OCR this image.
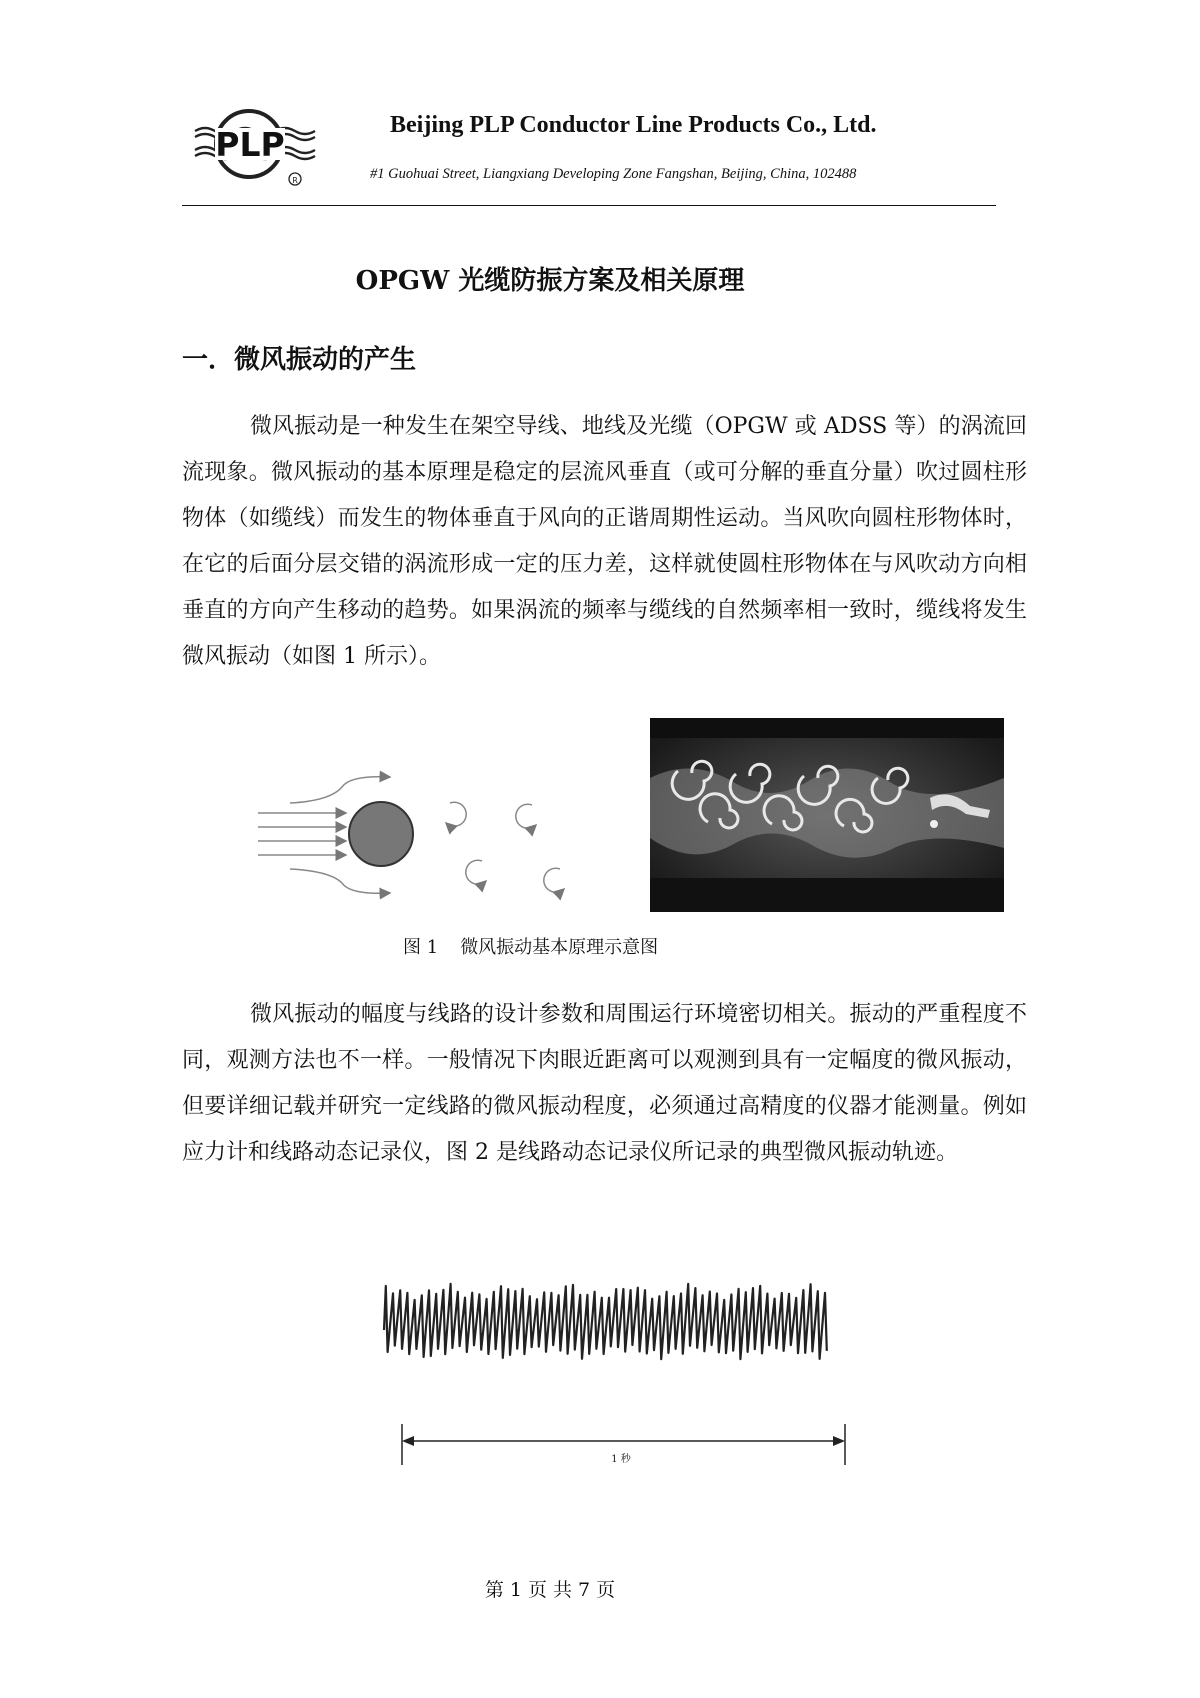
PLP
R
Beijing PLP Conductor Line Products Co., Ltd.
#1 Guohuai Street, Liangxiang Developing Zone Fangshan, Beijing, China, 102488
OPGW 光缆防振方案及相关原理
一．微风振动的产生

微风振动是一种发生在架空导线、地线及光缆（OPGW 或 ADSS 等）的涡流回流现象。微风振动的基本原理是稳定的层流风垂直（或可分解的垂直分量）吹过圆柱形物体（如缆线）而发生的物体垂直于风向的正谐周期性运动。当风吹向圆柱形物体时，在它的后面分层交错的涡流形成一定的压力差，这样就使圆柱形物体在与风吹动方向相垂直的方向产生移动的趋势。如果涡流的频率与缆线的自然频率相一致时，缆线将发生微风振动（如图 1 所示）。

图 1 微风振动基本原理示意图

微风振动的幅度与线路的设计参数和周围运行环境密切相关。振动的严重程度不同，观测方法也不一样。一般情况下肉眼近距离可以观测到具有一定幅度的微风振动，但要详细记载并研究一定线路的微风振动程度，必须通过高精度的仪器才能测量。例如应力计和线路动态记录仪，图 2 是线路动态记录仪所记录的典型微风振动轨迹。

1 秒
第 1 页 共 7 页
